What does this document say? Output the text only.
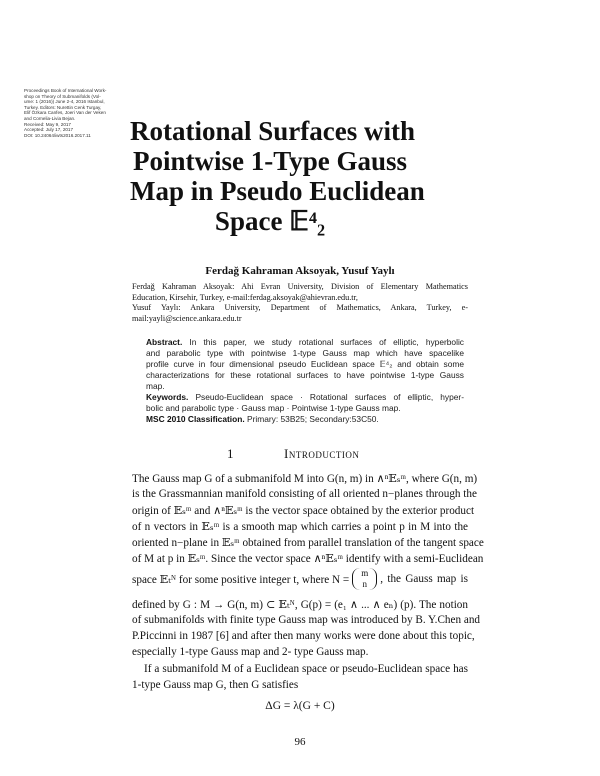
Proceedings Book of International Work-
shop on Theory of Submanifolds (Vol-
ume: 1 (2016)) June 2-4, 2016 Istanbul,
Turkey. Editors: Nurettin Cenk Turgay,
Elif Özkara Canfes, Joeri Van der Veken
and Cornelia-Livia Bejan.
Received: May 9, 2017
Accepted: July 17, 2017
DOI: 10.24064/iwts2016.2017.11	Rotational Surfaces with
Pointwise 1-Type Gauss
Map in Pseudo Euclidean
Space 𝔼⁴₂
Ferdağ Kahraman Aksoyak, Yusuf Yaylı
Ferdağ Kahraman Aksoyak: Ahi Evran University, Division of Elementary Mathematics
Education, Kirsehir, Turkey, e-mail:ferdag.aksoyak@ahievran.edu.tr,
Yusuf Yaylı: Ankara University, Department of Mathematics, Ankara, Turkey, e-
mail:yayli@science.ankara.edu.tr
Abstract. In this paper, we study rotational surfaces of elliptic, hyperbolic
and parabolic type with pointwise 1-type Gauss map which have spacelike
profile curve in four dimensional pseudo Euclidean space 𝔼⁴₂ and obtain some
characterizations for these rotational surfaces to have pointwise 1-type Gauss
map.
Keywords. Pseudo-Euclidean space · Rotational surfaces of elliptic, hyper-
bolic and parabolic type · Gauss map · Pointwise 1-type Gauss map.
MSC 2010 Classification. Primary: 53B25; Secondary:53C50.
1	Introduction
The Gauss map G of a submanifold M into G(n, m) in ∧ⁿ𝔼ₛᵐ, where G(n, m)
is the Grassmannian manifold consisting of all oriented n−planes through the
origin of 𝔼ₛᵐ and ∧ⁿ𝔼ₛᵐ is the vector space obtained by the exterior product
of n vectors in 𝔼ₛᵐ is a smooth map which carries a point p in M into the
oriented n−plane in 𝔼ₛᵐ obtained from parallel translation of the tangent space
of M at p in 𝔼ₛᵐ. Since the vector space ∧ⁿ𝔼ₛᵐ identify with a semi-Euclidean
space 𝔼ₜᴺ for some positive integer t, where N =
m
n , the Gauss map is
defined by G : M → G(n, m) ⊂ 𝔼ₜᴺ, G(p) = (e₁ ∧ ... ∧ eₙ) (p). The notion
of submanifolds with finite type Gauss map was introduced by B. Y.Chen and
P.Piccinni in 1987 [6] and after then many works were done about this topic,
especially 1-type Gauss map and 2- type Gauss map.
If a submanifold M of a Euclidean space or pseudo-Euclidean space has
1-type Gauss map G, then G satisfies
ΔG = λ(G + C)
96
